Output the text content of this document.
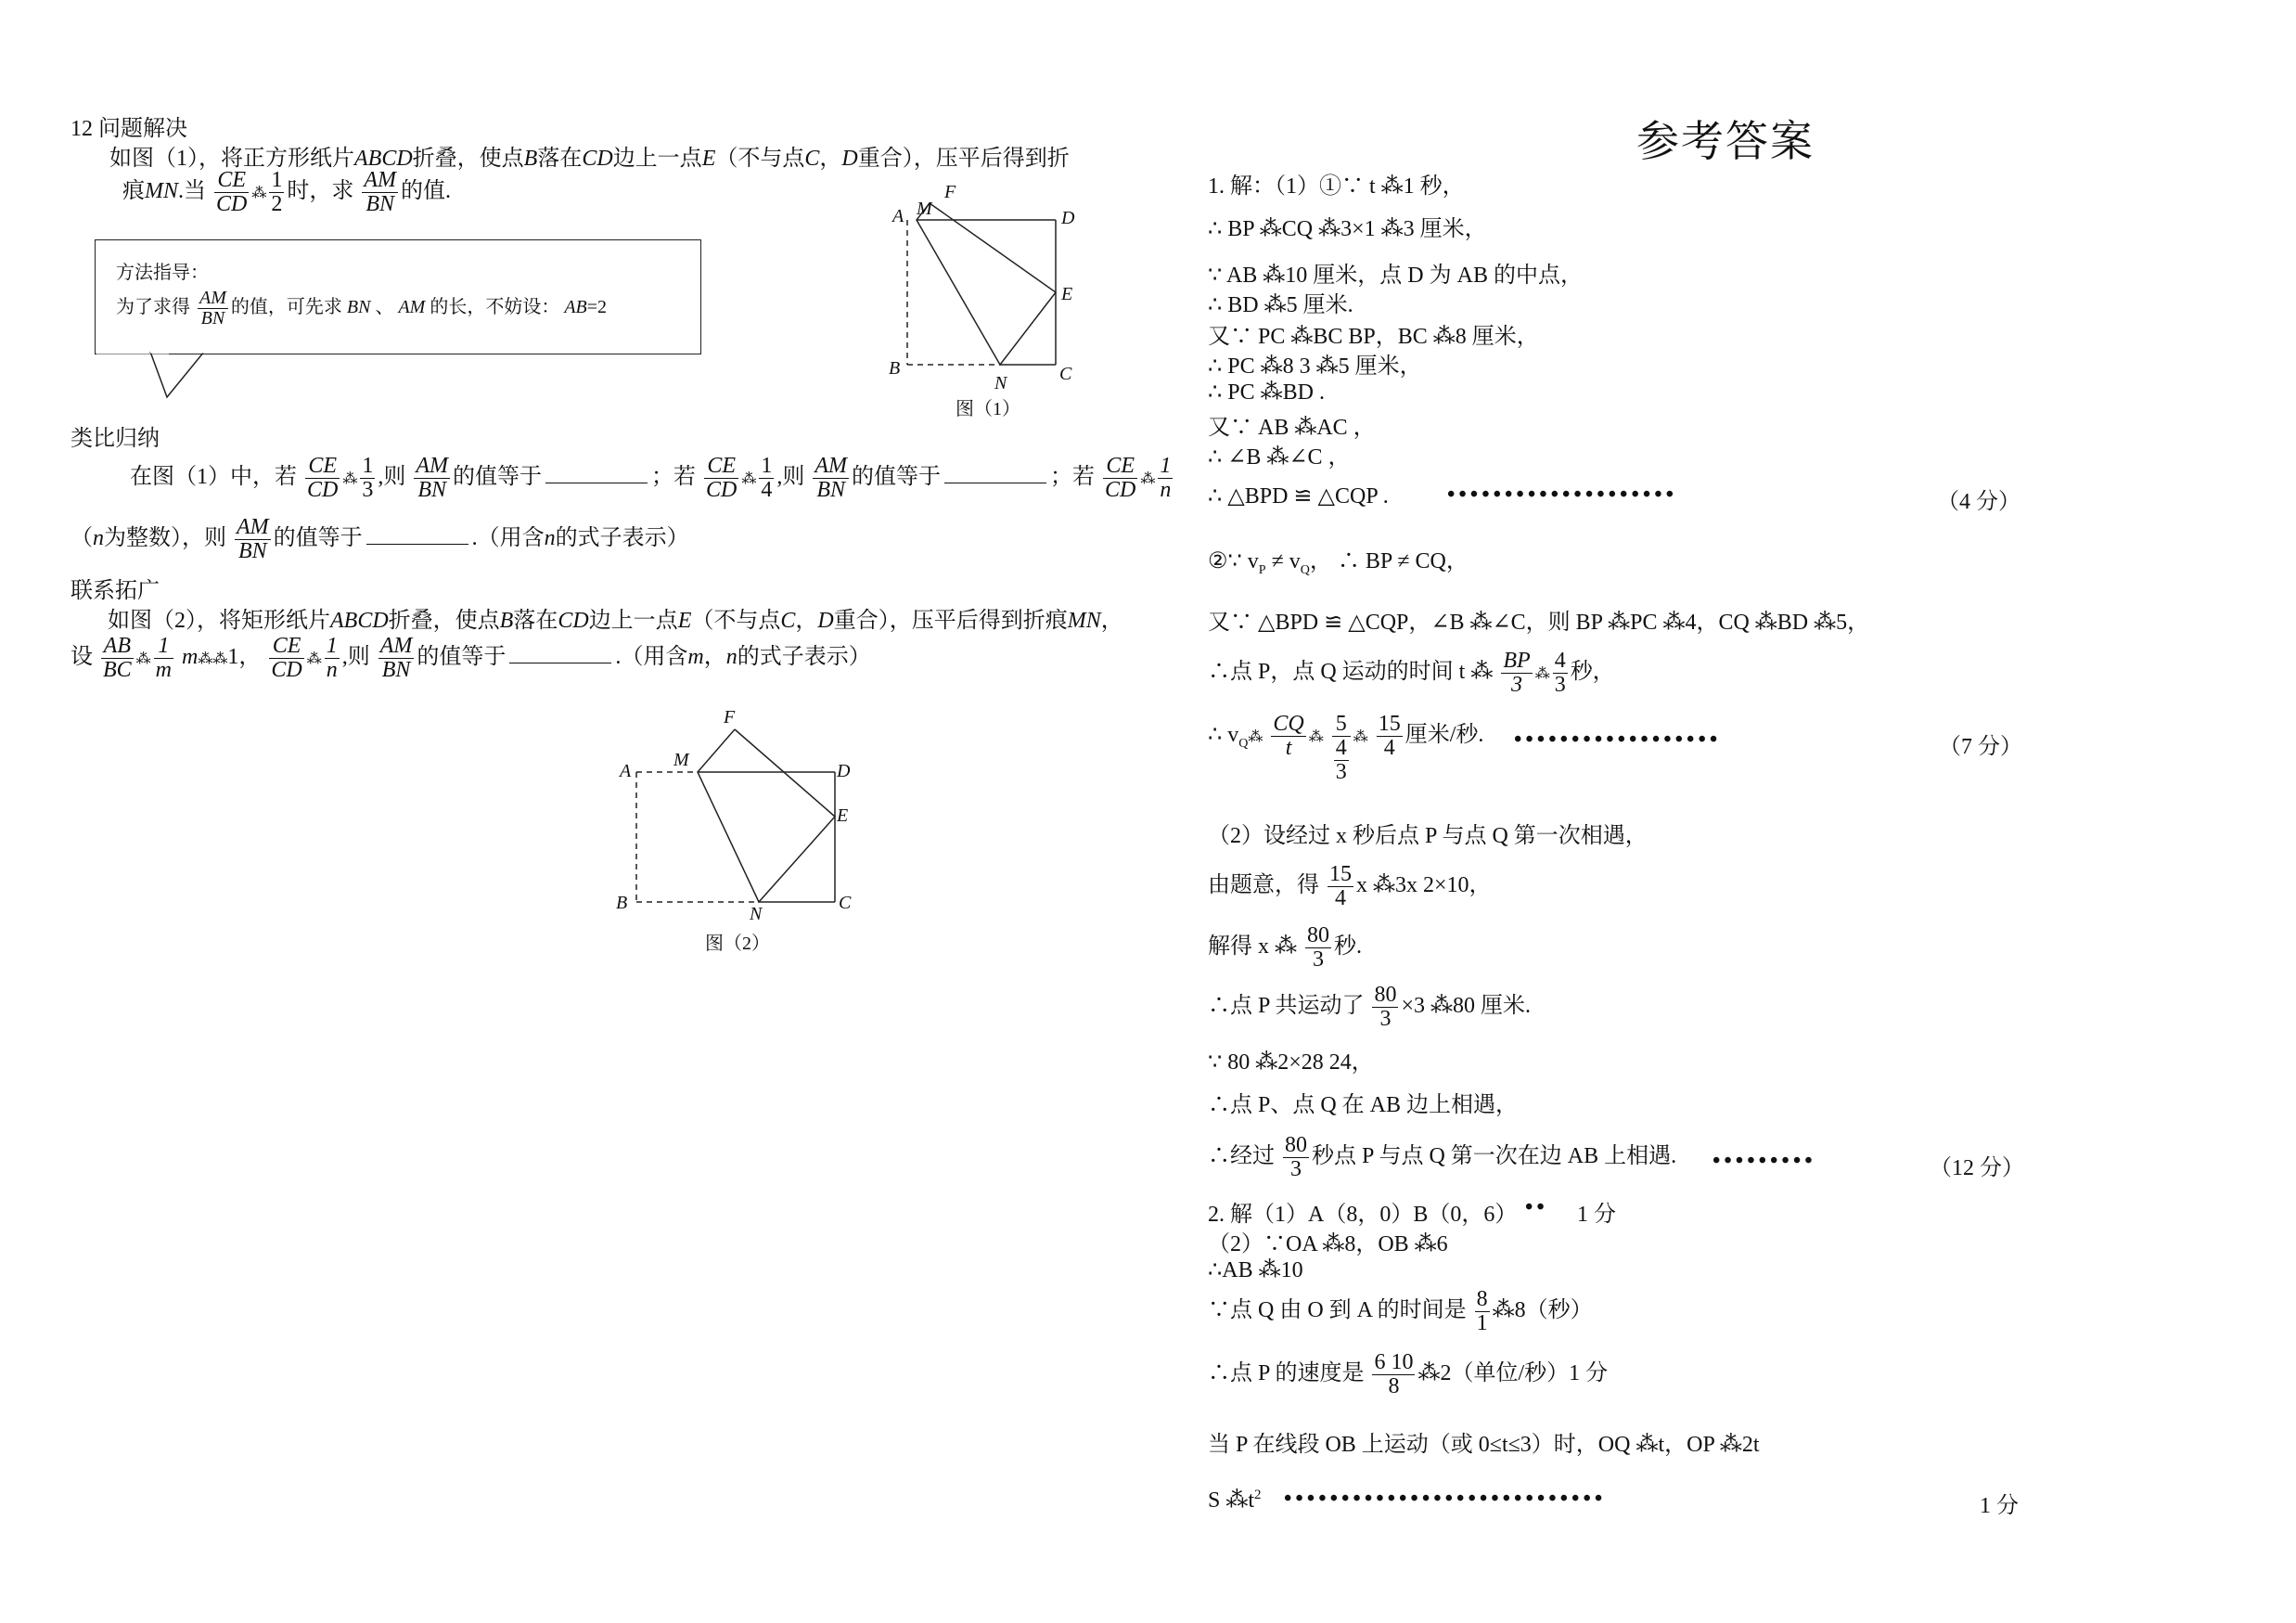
12 问题解决
如图（1），将正方形纸片ABCD折叠，使点B落在CD边上一点E（不与点C，D重合），压平后得到折
痕MN.当 $\frac{CE}{CD}$ ⁂ $\frac{1}{2}$ 时，求 $\frac{AM}{BN}$ 的值.
方法指导：
为了求得 $\frac{AM}{BN}$ 的值，可先求 BN 、 AM 的长，不妨设： AB=2
类比归纳
在图（1）中，若 $\frac{CE}{CD}$ ⁂ $\frac{1}{3}$ ,则 $\frac{AM}{BN}$ 的值等于	；若 $\frac{CE}{CD}$ ⁂ $\frac{1}{4}$ ,则 $\frac{AM}{BN}$ 的值等于	；若 $\frac{CE}{CD}$ ⁂ $\frac{1}{n}$
（n为整数），则 $\frac{AM}{BN}$ 的值等于	.（用含n的式子表示）
联系拓广
如图（2），将矩形纸片ABCD折叠，使点B落在CD边上一点E（不与点C，D重合），压平后得到折痕MN，
设 $\frac{AB}{BC}$ ⁂ $\frac{1}{m}$ m⁂⁂1， $\frac{CE}{CD}$ ⁂ $\frac{1}{n}$ ,则 $\frac{AM}{BN}$ 的值等于	.（用含m，n的式子表示）
A M
F
D
E
B
N	C
图（1）
A
M
F
D
E
B
N
C
图（2）
参考答案
1. 解：（1）①∵ t ⁂1 秒，
∴ BP ⁂CQ ⁂3×1 ⁂3 厘米，
∵ AB ⁂10 厘米，点 D 为 AB 的中点，
∴ BD ⁂5 厘米.
又∵ PC ⁂BC BP，BC ⁂8 厘米，
∴ PC ⁂8 3 ⁂5 厘米，
∴ PC ⁂BD .
又∵ AB ⁂AC ，
∴ ∠B ⁂∠C ，
∴ △BPD ≌ △CQP .	••••••••••••••••••••	（4 分）
②∵ $v_P \ne v_Q$， ∴ BP ≠ CQ，
又∵ △BPD ≌ △CQP，∠B ⁂∠C，则 BP ⁂PC ⁂4，CQ ⁂BD ⁂5，
∴点 P，点 Q 运动的时间 t ⁂ $\frac{BP}{3}$ ⁂ $\frac{4}{3}$ 秒，
∴ $v_Q⁂ \frac{CQ}{t}$ ⁂ $\frac{5}{\frac{4}{3}}$ ⁂ $\frac{15}{4}$ 厘米/秒. ••••••••••••••••••	（7 分）
（2）设经过 x 秒后点 P 与点 Q 第一次相遇，
由题意，得 $\frac{15}{4}$ x ⁂3x 2×10，
解得 x ⁂ $\frac{80}{3}$ 秒.
∴点 P 共运动了 $\frac{80}{3} \times 3$ ⁂80 厘米.
∵ 80 ⁂2×28 24，
∴点 P、点 Q 在 AB 边上相遇，
∴经过 $\frac{80}{3}$ 秒点 P 与点 Q 第一次在边 AB 上相遇. •••••••••	（12 分）
2. 解（1）A（8，0）B（0，6） •• 1 分
（2）∵OA ⁂8，OB ⁂6
∴AB ⁂10
∵点 Q 由 O 到 A 的时间是 $\frac{8}{1}$ ⁂8（秒）
∴点 P 的速度是 $\frac{6 10}{8}$ ⁂2（单位/秒）1 分
当 P 在线段 OB 上运动（或 0≤t≤3）时，OQ ⁂t，OP ⁂2t
S $⁂t^2$ ••••••••••••••••••••••••••••	1 分
